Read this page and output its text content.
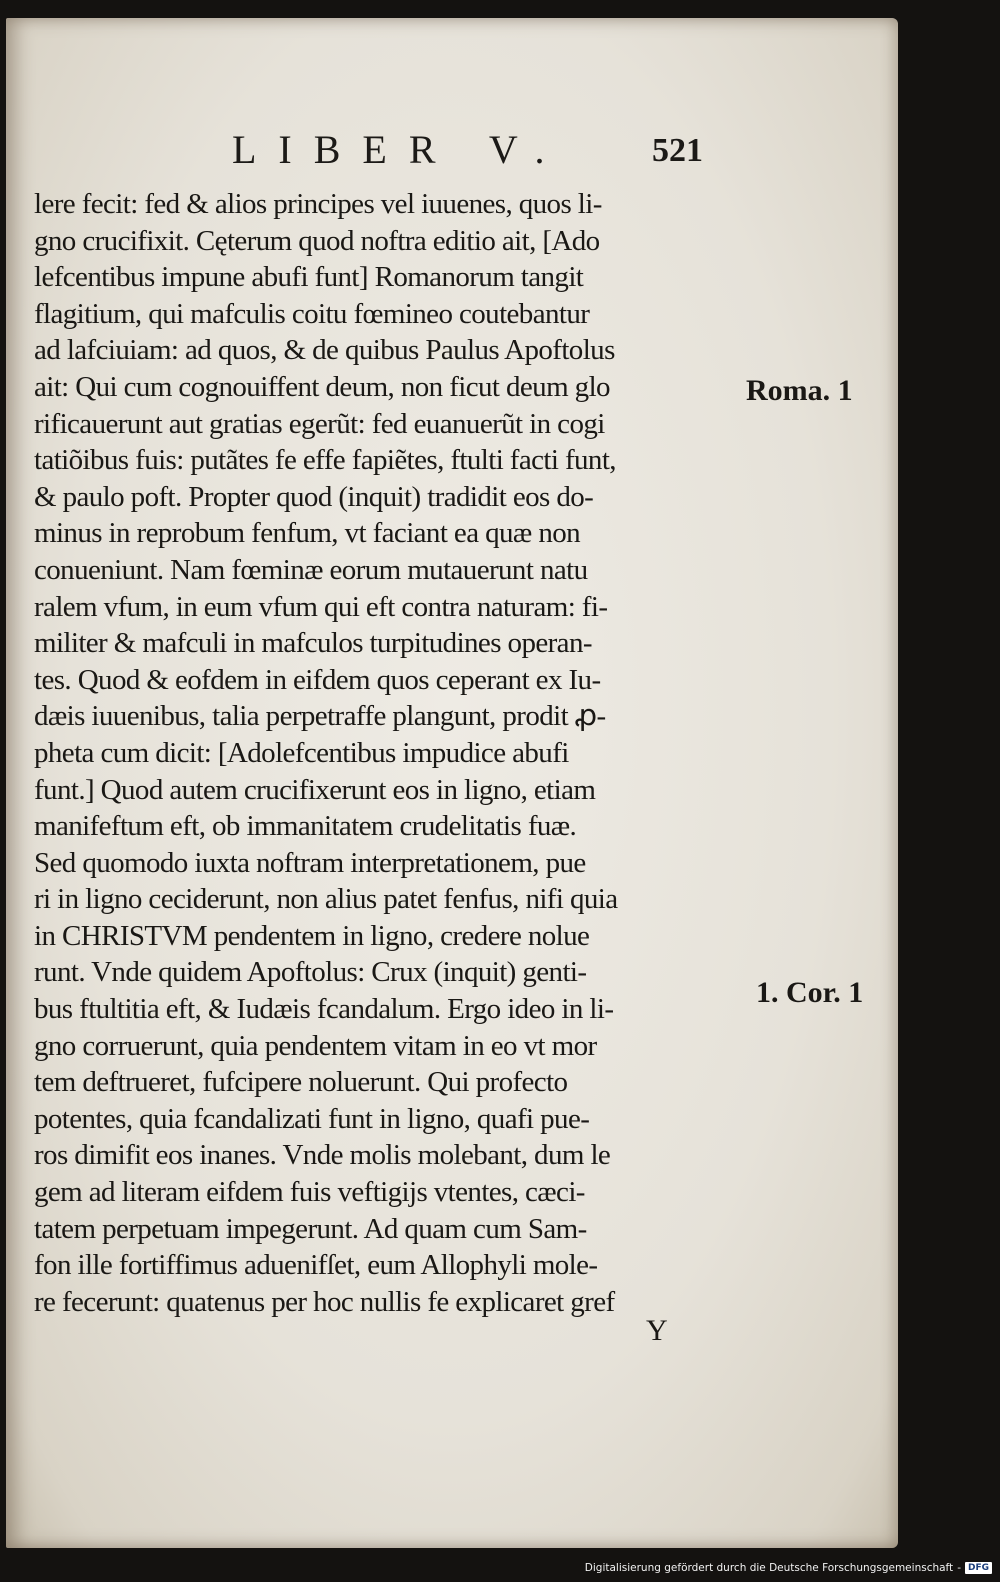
LIBER V.	521
lere fecit: fed & alios principes vel iuuenes, quos li-
gno crucifixit. Cęterum quod noftra editio ait, [Ado
lefcentibus impune abufi funt] Romanorum tangit
flagitium, qui mafculis coitu fœmineo coutebantur
ad lafciuiam: ad quos, & de quibus Paulus Apoftolus
ait: Qui cum cognouiffent deum, non ficut deum glo
rificauerunt aut gratias egerũt: fed euanuerũt in cogi
tatiõibus fuis: putãtes fe effe fapiẽtes, ftulti facti funt,
& paulo poft. Propter quod (inquit) tradidit eos do-
minus in reprobum fenfum, vt faciant ea quæ non
conueniunt. Nam fœminæ eorum mutauerunt natu
ralem vfum, in eum vfum qui eft contra naturam: fi-
militer & mafculi in mafculos turpitudines operan-
tes. Quod & eofdem in eifdem quos ceperant ex Iu-
dæis iuuenibus, talia perpetraffe plangunt, prodit ꝓ-
pheta cum dicit: [Adolefcentibus impudice abufi
funt.] Quod autem crucifixerunt eos in ligno, etiam
manifeftum eft, ob immanitatem crudelitatis fuæ.
Sed quomodo iuxta noftram interpretationem, pue
ri in ligno ceciderunt, non alius patet fenfus, nifi quia
in CHRISTVM pendentem in ligno, credere nolue
runt. Vnde quidem Apoftolus: Crux (inquit) genti-
bus ftultitia eft, & Iudæis fcandalum. Ergo ideo in li-
gno corruerunt, quia pendentem vitam in eo vt mor
tem deftrueret, fufcipere noluerunt. Qui profecto
potentes, quia fcandalizati funt in ligno, quafi pue-
ros dimifit eos inanes. Vnde molis molebant, dum le
gem ad literam eifdem fuis veftigijs vtentes, cæci-
tatem perpetuam impegerunt. Ad quam cum Sam-
fon ille fortiffimus aduenifſet, eum Allophyli mole-
re fecerunt: quatenus per hoc nullis fe explicaret gref
Roma. 1
1. Cor. 1
Y
Digitalisierung gefördert durch die Deutsche Forschungsgemeinschaft - DFG
